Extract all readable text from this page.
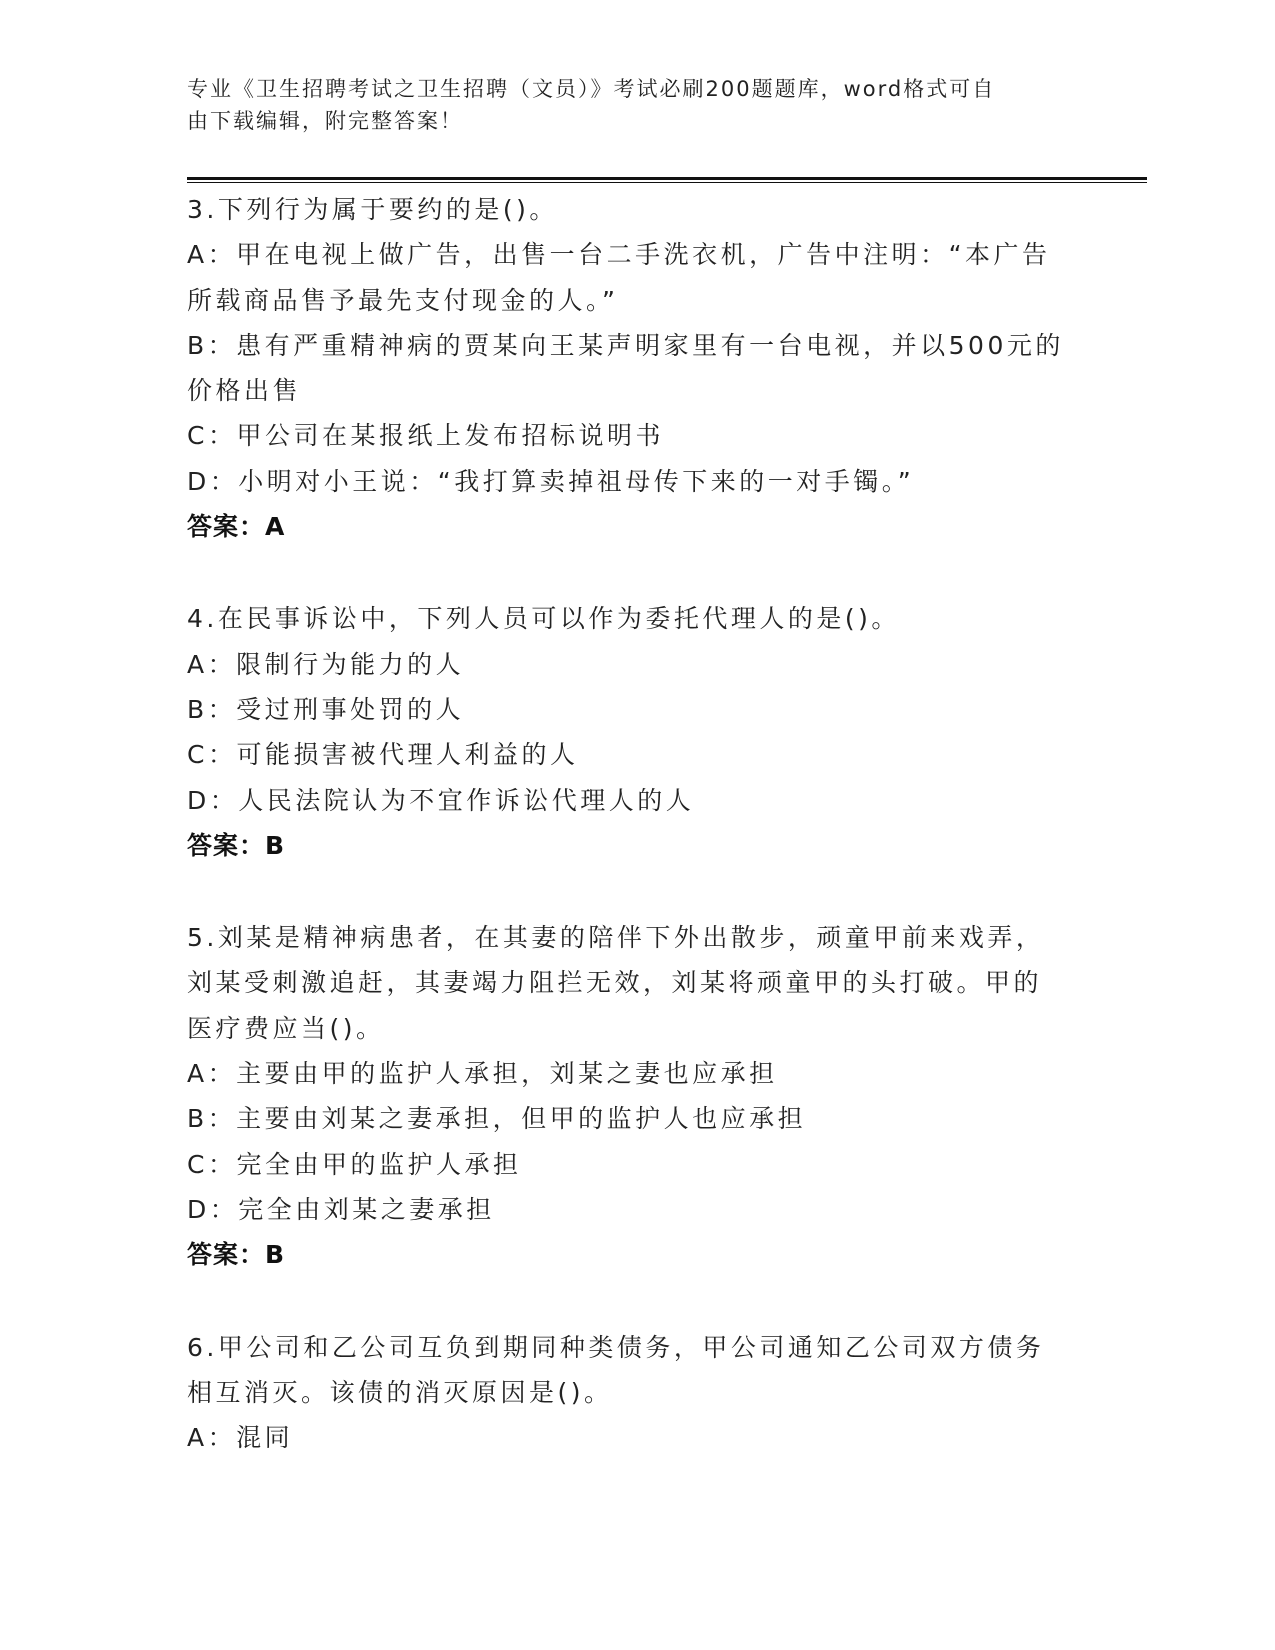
专业《卫生招聘考试之卫生招聘（文员）》考试必刷200题题库，word格式可自
由下载编辑，附完整答案！
3.下列行为属于要约的是()。
A：甲在电视上做广告，出售一台二手洗衣机，广告中注明：“本广告
所载商品售予最先支付现金的人。”
B：患有严重精神病的贾某向王某声明家里有一台电视，并以500元的
价格出售
C：甲公司在某报纸上发布招标说明书
D：小明对小王说：“我打算卖掉祖母传下来的一对手镯。”
答案：A
4.在民事诉讼中，下列人员可以作为委托代理人的是()。
A：限制行为能力的人
B：受过刑事处罚的人
C：可能损害被代理人利益的人
D：人民法院认为不宜作诉讼代理人的人
答案：B
5.刘某是精神病患者，在其妻的陪伴下外出散步，顽童甲前来戏弄，
刘某受刺激追赶，其妻竭力阻拦无效，刘某将顽童甲的头打破。甲的
医疗费应当()。
A：主要由甲的监护人承担，刘某之妻也应承担
B：主要由刘某之妻承担，但甲的监护人也应承担
C：完全由甲的监护人承担
D：完全由刘某之妻承担
答案：B
6.甲公司和乙公司互负到期同种类债务，甲公司通知乙公司双方债务
相互消灭。该债的消灭原因是()。
A：混同
